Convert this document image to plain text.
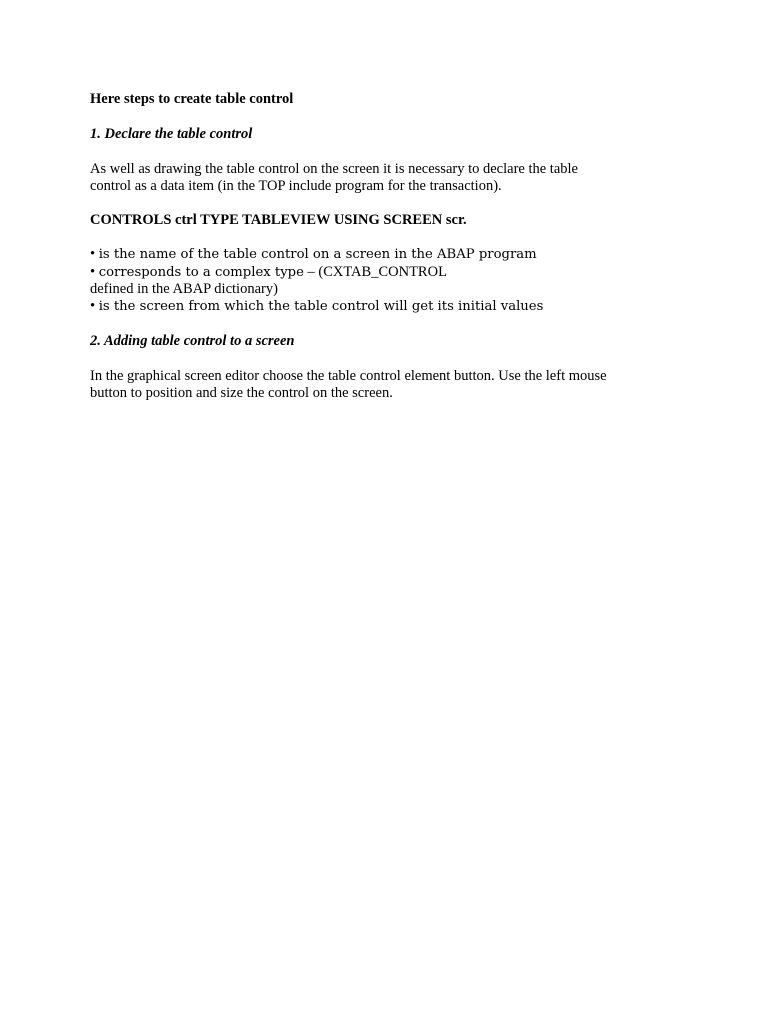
Here steps to create table control
1. Declare the table control
As well as drawing the table control on the screen it is necessary to declare the table
control as a data item (in the TOP include program for the transaction).
CONTROLS ctrl TYPE TABLEVIEW USING SCREEN scr.
• is the name of the table control on a screen in the ABAP program
• corresponds to a complex type – (CXTAB_CONTROL
defined in the ABAP dictionary)
• is the screen from which the table control will get its initial values
2. Adding table control to a screen
In the graphical screen editor choose the table control element button. Use the left mouse
button to position and size the control on the screen.
